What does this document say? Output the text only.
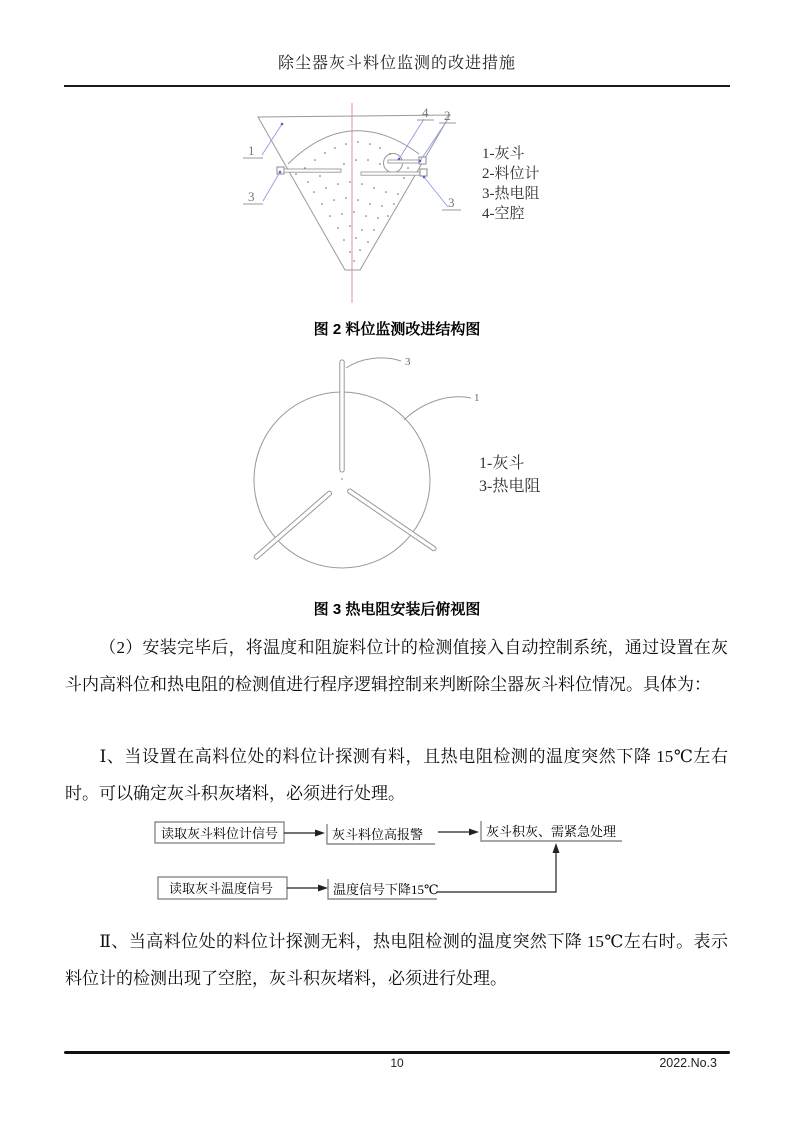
除尘器灰斗料位监测的改进措施
1
3
4 2
3
1-灰斗
2-料位计
3-热电阻
4-空腔
图 2 料位监测改进结构图
3
1
1-灰斗
3-热电阻
图 3 热电阻安装后俯视图
（2）安装完毕后，将温度和阻旋料位计的检测值接入自动控制系统，通过设置在灰斗内高料位和热电阻的检测值进行程序逻辑控制来判断除尘器灰斗料位情况。具体为：
Ⅰ、当设置在高料位处的料位计探测有料，且热电阻检测的温度突然下降 15℃左右时。可以确定灰斗积灰堵料，必须进行处理。
读取灰斗料位计信号	灰斗料位高报警	灰斗积灰、需紧急处理
读取灰斗温度信号	温度信号下降15℃
Ⅱ、当高料位处的料位计探测无料，热电阻检测的温度突然下降 15℃左右时。表示料位计的检测出现了空腔，灰斗积灰堵料，必须进行处理。
10	2022.No.3
